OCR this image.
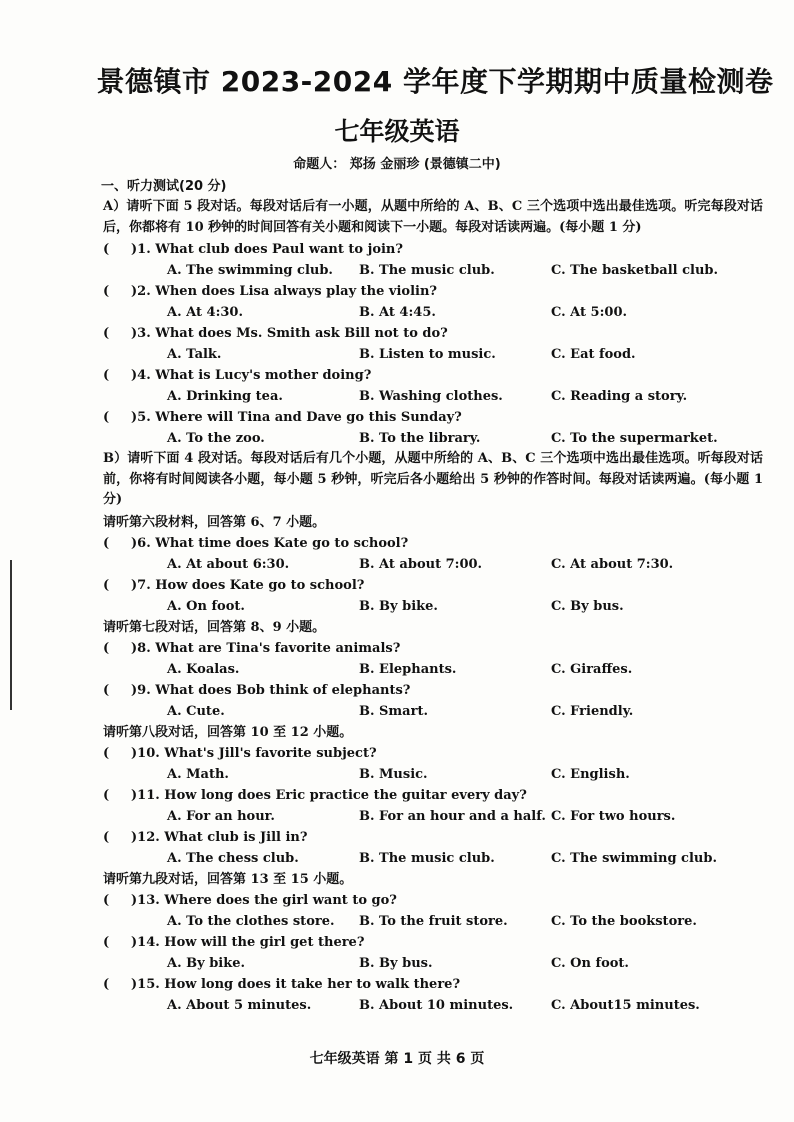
景德镇市 2023-2024 学年度下学期期中质量检测卷
七年级英语
命题人： 郑扬 金丽珍 (景德镇二中)
一、听力测试(20 分)
A）请听下面 5 段对话。每段对话后有一小题，从题中所给的 A、B、C 三个选项中选出最佳选项。听完每段对话后，你都将有 10 秒钟的时间回答有关小题和阅读下一小题。每段对话读两遍。(每小题 1 分)
( )1. What club does Paul want to join?
A. The swimming club. B. The music club.	C. The basketball club.
( )2. When does Lisa always play the violin?
A. At 4:30.	B. At 4:45.	C. At 5:00.
( )3. What does Ms. Smith ask Bill not to do?
A. Talk.	B. Listen to music.	C. Eat food.
( )4. What is Lucy's mother doing?
A. Drinking tea.	B. Washing clothes.	C. Reading a story.
( )5. Where will Tina and Dave go this Sunday?
A. To the zoo.	B. To the library.	C. To the supermarket.
B）请听下面 4 段对话。每段对话后有几个小题，从题中所给的 A、B、C 三个选项中选出最佳选项。听每段对话前，你将有时间阅读各小题，每小题 5 秒钟，听完后各小题给出 5 秒钟的作答时间。每段对话读两遍。(每小题 1 分)
请听第六段材料，回答第 6、7 小题。
( )6. What time does Kate go to school?
A. At about 6:30.	B. At about 7:00.	C. At about 7:30.
( )7. How does Kate go to school?
A. On foot.	B. By bike.	C. By bus.
请听第七段对话，回答第 8、9 小题。
( )8. What are Tina's favorite animals?
A. Koalas.	B. Elephants.	C. Giraffes.
( )9. What does Bob think of elephants?
A. Cute.	B. Smart.	C. Friendly.
请听第八段对话，回答第 10 至 12 小题。
( )10. What's Jill's favorite subject?
A. Math.	B. Music.	C. English.
( )11. How long does Eric practice the guitar every day?
A. For an hour.	B. For an hour and a half. C. For two hours.
( )12. What club is Jill in?
A. The chess club.	B. The music club.	C. The swimming club.
请听第九段对话，回答第 13 至 15 小题。
( )13. Where does the girl want to go?
A. To the clothes store. B. To the fruit store.	C. To the bookstore.
( )14. How will the girl get there?
A. By bike.	B. By bus.	C. On foot.
( )15. How long does it take her to walk there?
A. About 5 minutes.	B. About 10 minutes.	C. About15 minutes.
七年级英语 第 1 页 共 6 页
